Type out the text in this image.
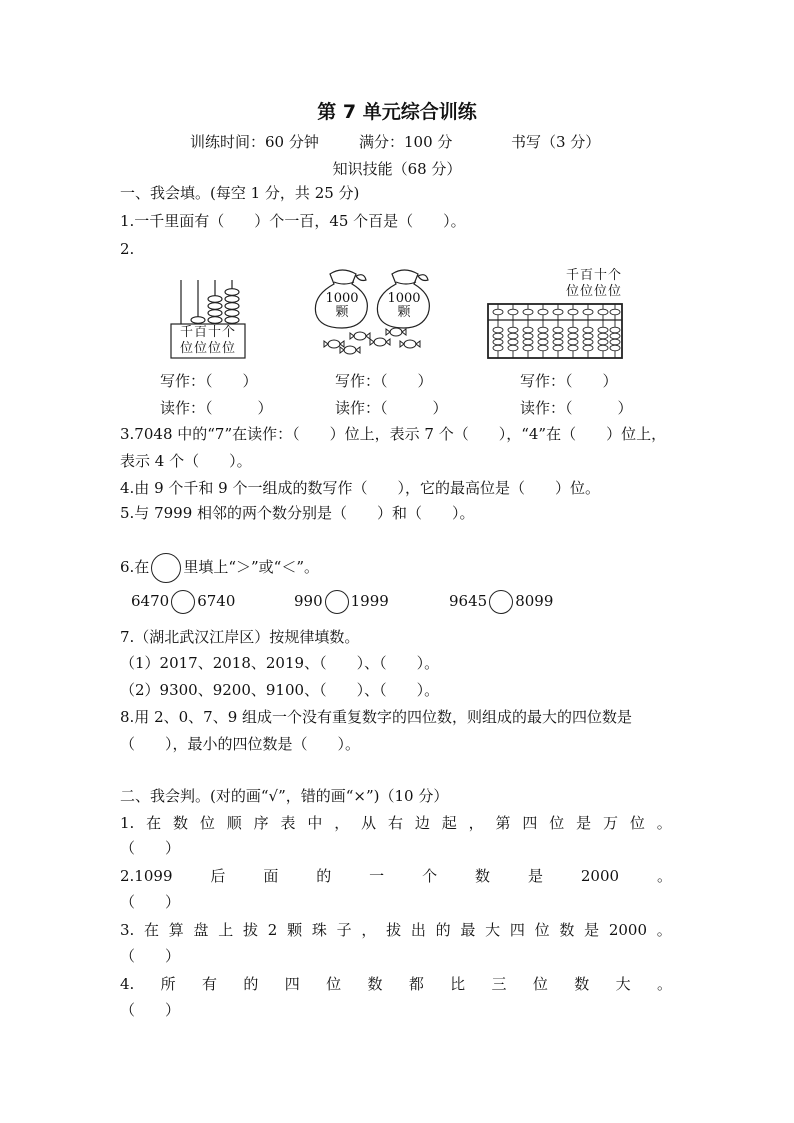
第 7 单元综合训练
训练时间：60 分钟	满分：100 分	书写（3 分）
知识技能（68 分）
一、我会填。(每空 1 分，共 25 分)
1.一千里面有（　　）个一百，45 个百是（　　）。
2.
千百十个
位位位位
1000
颗
1000
颗
千百十个
位位位位
写作：（　　）	写作：（　　）	写作：（　　）
读作：（　　　）	读作：（　　　）	读作：（　　　）
3.7048 中的“7”在读作：（　　）位上，表示 7 个（　　），“4”在（　　）位上，
表示 4 个（　　）。
4.由 9 个千和 9 个一组成的数写作（　　），它的最高位是（　　）位。
5.与 7999 相邻的两个数分别是（　　）和（　　）。
6.在 里填上“＞”或“＜”。
6470 6740	990 1999	9645 8099
7.（湖北武汉江岸区）按规律填数。
（1）2017、2018、2019、（　　）、（　　）。
（2）9300、9200、9100、（　　）、（　　）。
8.用 2、0、7、9 组成一个没有重复数字的四位数，则组成的最大的四位数是
（　　），最小的四位数是（　　）。
二、我会判。(对的画“√”，错的画“×”)（10 分）
1. 在 数 位 顺 序 表 中 ， 从 右 边 起 ， 第 四 位 是 万 位 。
（　　）
2.1099	后	面	的	一	个	数	是	2000	。
（　　）
3. 在 算 盘 上 拔 2 颗 珠 子 ， 拔 出 的 最 大 四 位 数 是 2000 。
（　　）
4. 所 有 的 四 位 数 都 比 三 位 数 大 。
（　　）
